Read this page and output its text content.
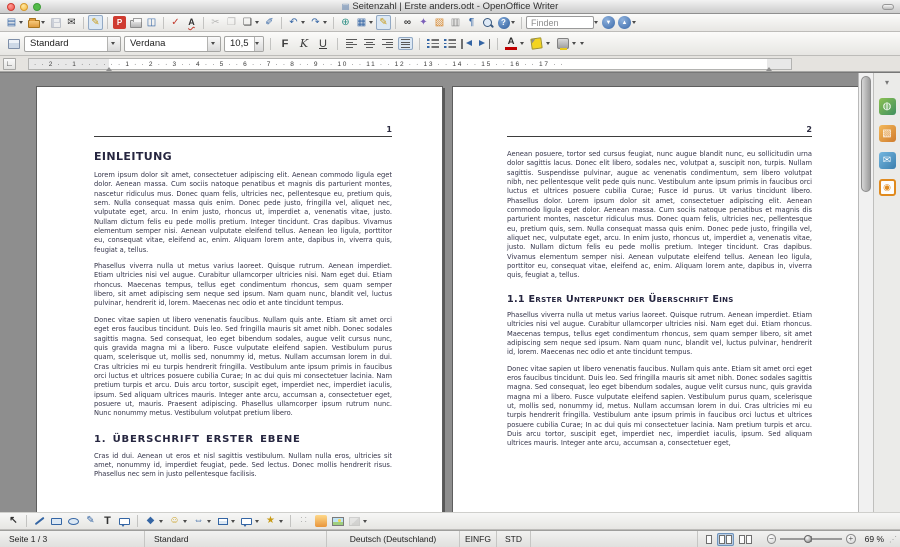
▤ Seitenzahl | Erste anders.odt - OpenOffice Writer
▤	✉	✎	P	◫	✓ A	✂ ❐ ❏	✐	↶	↷	⊕ ▦	✎	∞ ✦ ▧ ▥ ¶	?
Finden	▼	▲
Standard	Verdana	10,5	F	K U	A
∟	· · 2 · · 1 · · · · · · 1 · · 2 · · 3 · · 4 · · 5 · · 6 · · 7 · · 8 · · 9 · · 10 · · 11 · · 12 · · 13 · · 14 · · 15 · · 16 · · 17 · ·
1
EINLEITUNG

Lorem ipsum dolor sit amet, consectetuer adipiscing elit. Aenean commodo ligula eget dolor. Aenean massa. Cum sociis natoque penatibus et magnis dis parturient montes, nascetur ridiculus mus. Donec quam felis, ultricies nec, pellentesque eu, pretium quis, sem. Nulla consequat massa quis enim. Donec pede justo, fringilla vel, aliquet nec, vulputate eget, arcu. In enim justo, rhoncus ut, imperdiet a, venenatis vitae, justo. Nullam dictum felis eu pede mollis pretium. Integer tincidunt. Cras dapibus. Vivamus elementum semper nisi. Aenean vulputate eleifend tellus. Aenean leo ligula, porttitor eu, consequat vitae, eleifend ac, enim. Aliquam lorem ante, dapibus in, viverra quis, feugiat a, tellus.

Phasellus viverra nulla ut metus varius laoreet. Quisque rutrum. Aenean imperdiet. Etiam ultricies nisi vel augue. Curabitur ullamcorper ultricies nisi. Nam eget dui. Etiam rhoncus. Maecenas tempus, tellus eget condimentum rhoncus, sem quam semper libero, sit amet adipiscing sem neque sed ipsum. Nam quam nunc, blandit vel, luctus pulvinar, hendrerit id, lorem. Maecenas nec odio et ante tincidunt tempus.

Donec vitae sapien ut libero venenatis faucibus. Nullam quis ante. Etiam sit amet orci eget eros faucibus tincidunt. Duis leo. Sed fringilla mauris sit amet nibh. Donec sodales sagittis magna. Sed consequat, leo eget bibendum sodales, augue velit cursus nunc, quis gravida magna mi a libero. Fusce vulputate eleifend sapien. Vestibulum purus quam, scelerisque ut, mollis sed, nonummy id, metus. Nullam accumsan lorem in dui. Cras ultricies mi eu turpis hendrerit fringilla. Vestibulum ante ipsum primis in faucibus orci luctus et ultrices posuere cubilia Curae; In ac dui quis mi consectetuer lacinia. Nam pretium turpis et arcu. Duis arcu tortor, suscipit eget, imperdiet nec, imperdiet iaculis, ipsum. Sed aliquam ultrices mauris. Integer ante arcu, accumsan a, consectetuer eget, posuere ut, mauris. Praesent adipiscing. Phasellus ullamcorper ipsum rutrum nunc. Nunc nonummy metus. Vestibulum volutpat pretium libero.

1. ÜBERSCHRIFT ERSTER EBENE

Cras id dui. Aenean ut eros et nisl sagittis vestibulum. Nullam nulla eros, ultricies sit amet, nonummy id, imperdiet feugiat, pede. Sed lectus. Donec mollis hendrerit risus. Phasellus nec sem in justo pellentesque facilisis.

2

Aenean posuere, tortor sed cursus feugiat, nunc augue blandit nunc, eu sollicitudin urna dolor sagittis lacus. Donec elit libero, sodales nec, volutpat a, suscipit non, turpis. Nullam sagittis. Suspendisse pulvinar, augue ac venenatis condimentum, sem libero volutpat nibh, nec pellentesque velit pede quis nunc. Vestibulum ante ipsum primis in faucibus orci luctus et ultrices posuere cubilia Curae; Fusce id purus. Ut varius tincidunt libero. Phasellus dolor. Lorem ipsum dolor sit amet, consectetuer adipiscing elit. Aenean commodo ligula eget dolor. Aenean massa. Cum sociis natoque penatibus et magnis dis parturient montes, nascetur ridiculus mus. Donec quam felis, ultricies nec, pellentesque eu, pretium quis, sem. Nulla consequat massa quis enim. Donec pede justo, fringilla vel, aliquet nec, vulputate eget, arcu. In enim justo, rhoncus ut, imperdiet a, venenatis vitae, justo. Nullam dictum felis eu pede mollis pretium. Integer tincidunt. Cras dapibus. Vivamus elementum semper nisi. Aenean vulputate eleifend tellus. Aenean leo ligula, porttitor eu, consequat vitae, eleifend ac, enim. Aliquam lorem ante, dapibus in, viverra quis, feugiat a, tellus.

1.1 Erster Unterpunkt der Überschrift Eins

Phasellus viverra nulla ut metus varius laoreet. Quisque rutrum. Aenean imperdiet. Etiam ultricies nisi vel augue. Curabitur ullamcorper ultricies nisi. Nam eget dui. Etiam rhoncus. Maecenas tempus, tellus eget condimentum rhoncus, sem quam semper libero, sit amet adipiscing sem neque sed ipsum. Nam quam nunc, blandit vel, luctus pulvinar, hendrerit id, lorem. Maecenas nec odio et ante tincidunt tempus.

Donec vitae sapien ut libero venenatis faucibus. Nullam quis ante. Etiam sit amet orci eget eros faucibus tincidunt. Duis leo. Sed fringilla mauris sit amet nibh. Donec sodales sagittis magna. Sed consequat, leo eget bibendum sodales, augue velit cursus nunc, quis gravida magna mi a libero. Fusce vulputate eleifend sapien. Vestibulum purus quam, scelerisque ut, mollis sed, nonummy id, metus. Nullam accumsan lorem in dui. Cras ultricies mi eu turpis hendrerit fringilla. Vestibulum ante ipsum primis in faucibus orci luctus et ultrices posuere cubilia Curae; In ac dui quis mi consectetuer lacinia. Nam pretium turpis et arcu. Duis arcu tortor, suscipit eget, imperdiet nec, imperdiet iaculis, ipsum. Sed aliquam ultrices mauris. Integer ante arcu, accumsan a, consectetuer eget,

▾
◍
▧
✉
◉
↖	✎ T	◆	☺ ⇔	★	∷
Seite 1 / 3	Standard	Deutsch (Deutschland)	EINFG STD	−	+ 69 % ⋰
